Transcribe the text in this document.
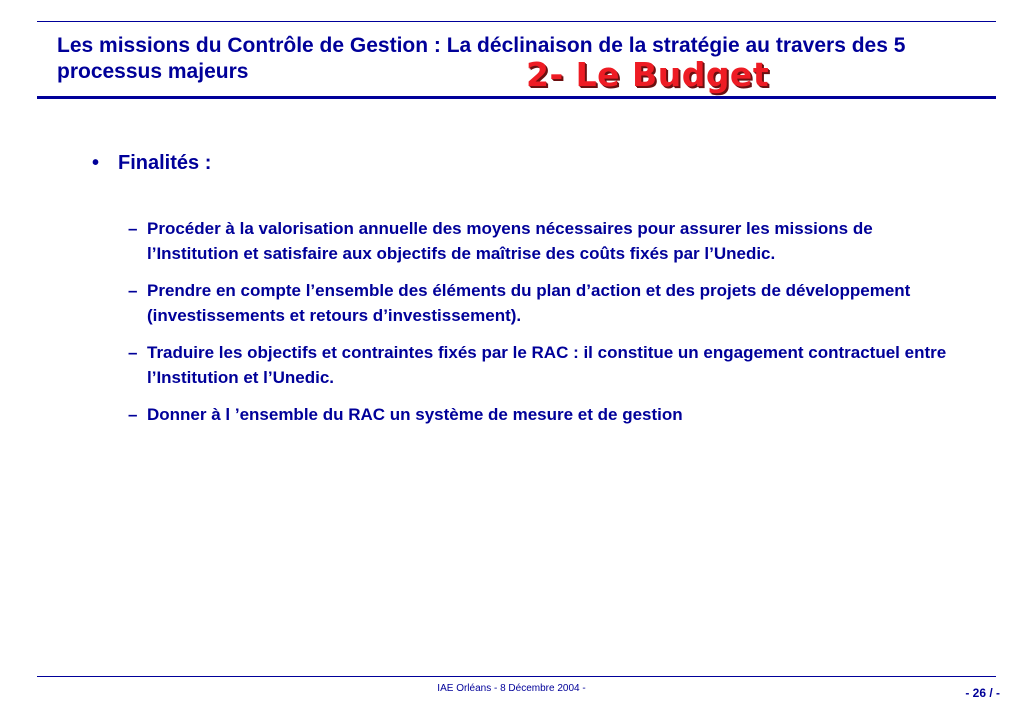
Les missions du Contrôle de Gestion : La déclinaison de la stratégie au travers des 5 processus majeurs	2- Le Budget
• Finalités :
– Procéder à la valorisation annuelle des moyens nécessaires pour assurer les missions de l’Institution et satisfaire aux objectifs de maîtrise des coûts fixés par l’Unedic.
– Prendre en compte l’ensemble des éléments du plan d’action et des projets de développement (investissements et retours d’investissement).
– Traduire les objectifs et contraintes fixés par le RAC : il constitue un engagement contractuel entre l’Institution et l’Unedic.
– Donner à l ’ensemble du RAC un système de mesure et de gestion
IAE Orléans - 8 Décembre 2004 -	- 26 / -
